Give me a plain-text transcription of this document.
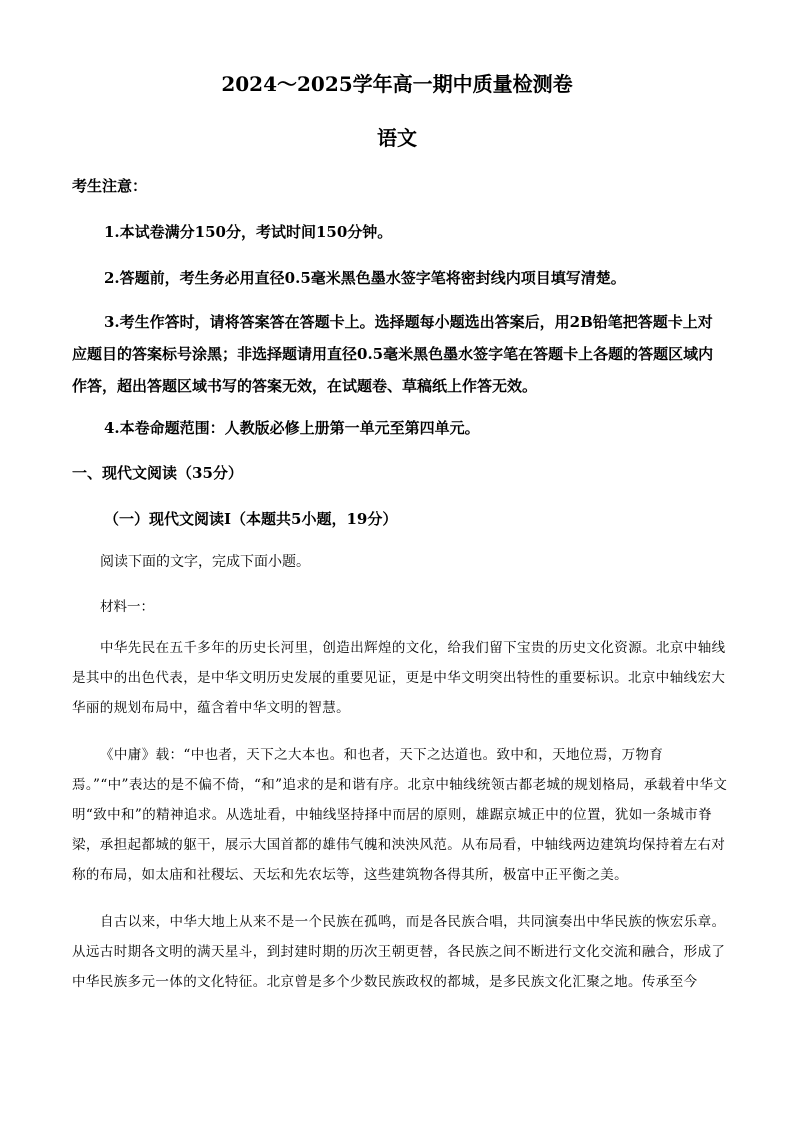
2024～2025学年高一期中质量检测卷
语文
考生注意：
1.本试卷满分150分，考试时间150分钟。
2.答题前，考生务必用直径0.5毫米黑色墨水签字笔将密封线内项目填写清楚。

3.考生作答时，请将答案答在答题卡上。选择题每小题选出答案后，用2B铅笔把答题卡上对应题目的答案标号涂黑；非选择题请用直径0.5毫米黑色墨水签字笔在答题卡上各题的答题区域内作答，超出答题区域书写的答案无效，在试题卷、草稿纸上作答无效。

4.本卷命题范围：人教版必修上册第一单元至第四单元。
一、现代文阅读（35分）
（一）现代文阅读Ⅰ（本题共5小题，19分）
阅读下面的文字，完成下面小题。
材料一：

中华先民在五千多年的历史长河里，创造出辉煌的文化，给我们留下宝贵的历史文化资源。北京中轴线是其中的出色代表，是中华文明历史发展的重要见证，更是中华文明突出特性的重要标识。北京中轴线宏大华丽的规划布局中，蕴含着中华文明的智慧。

《中庸》载：“中也者，天下之大本也。和也者，天下之达道也。致中和，天地位焉，万物育焉。”“中”表达的是不偏不倚，“和”追求的是和谐有序。北京中轴线统领古都老城的规划格局，承载着中华文明“致中和”的精神追求。从选址看，中轴线坚持择中而居的原则，雄踞京城正中的位置，犹如一条城市脊梁，承担起都城的躯干，展示大国首都的雄伟气魄和泱泱风范。从布局看，中轴线两边建筑均保持着左右对称的布局，如太庙和社稷坛、天坛和先农坛等，这些建筑物各得其所，极富中正平衡之美。

自古以来，中华大地上从来不是一个民族在孤鸣，而是各民族合唱，共同演奏出中华民族的恢宏乐章。从远古时期各文明的满天星斗，到封建时期的历次王朝更替，各民族之间不断进行文化交流和融合，形成了中华民族多元一体的文化特征。北京曾是多个少数民族政权的都城，是多民族文化汇聚之地。传承至今
